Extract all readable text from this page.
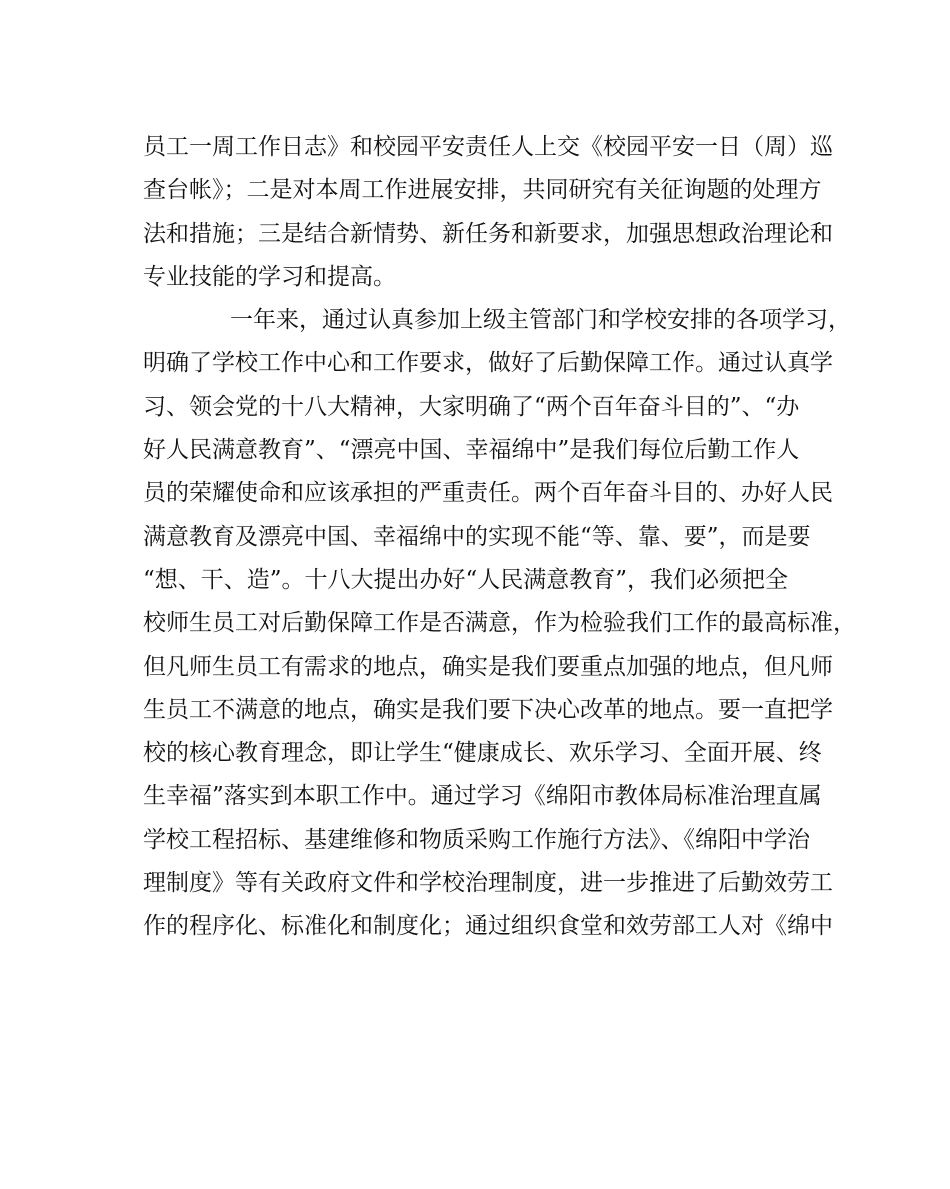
员工一周工作日志》和校园平安责任人上交《校园平安一日（周）巡
查台帐》；二是对本周工作进展安排，共同研究有关征询题的处理方
法和措施；三是结合新情势、新任务和新要求，加强思想政治理论和
专业技能的学习和提高。
一年来，通过认真参加上级主管部门和学校安排的各项学习，
明确了学校工作中心和工作要求，做好了后勤保障工作。通过认真学
习、领会党的十八大精神，大家明确了“两个百年奋斗目的”、“办
好人民满意教育”、“漂亮中国、幸福绵中”是我们每位后勤工作人
员的荣耀使命和应该承担的严重责任。两个百年奋斗目的、办好人民
满意教育及漂亮中国、幸福绵中的实现不能“等、靠、要”，而是要
“想、干、造”。十八大提出办好“人民满意教育”，我们必须把全
校师生员工对后勤保障工作是否满意，作为检验我们工作的最高标准，
但凡师生员工有需求的地点，确实是我们要重点加强的地点，但凡师
生员工不满意的地点，确实是我们要下决心改革的地点。要一直把学
校的核心教育理念，即让学生“健康成长、欢乐学习、全面开展、终
生幸福”落实到本职工作中。通过学习《绵阳市教体局标准治理直属
学校工程招标、基建维修和物质采购工作施行方法》、《绵阳中学治
理制度》等有关政府文件和学校治理制度，进一步推进了后勤效劳工
作的程序化、标准化和制度化；通过组织食堂和效劳部工人对《绵中
